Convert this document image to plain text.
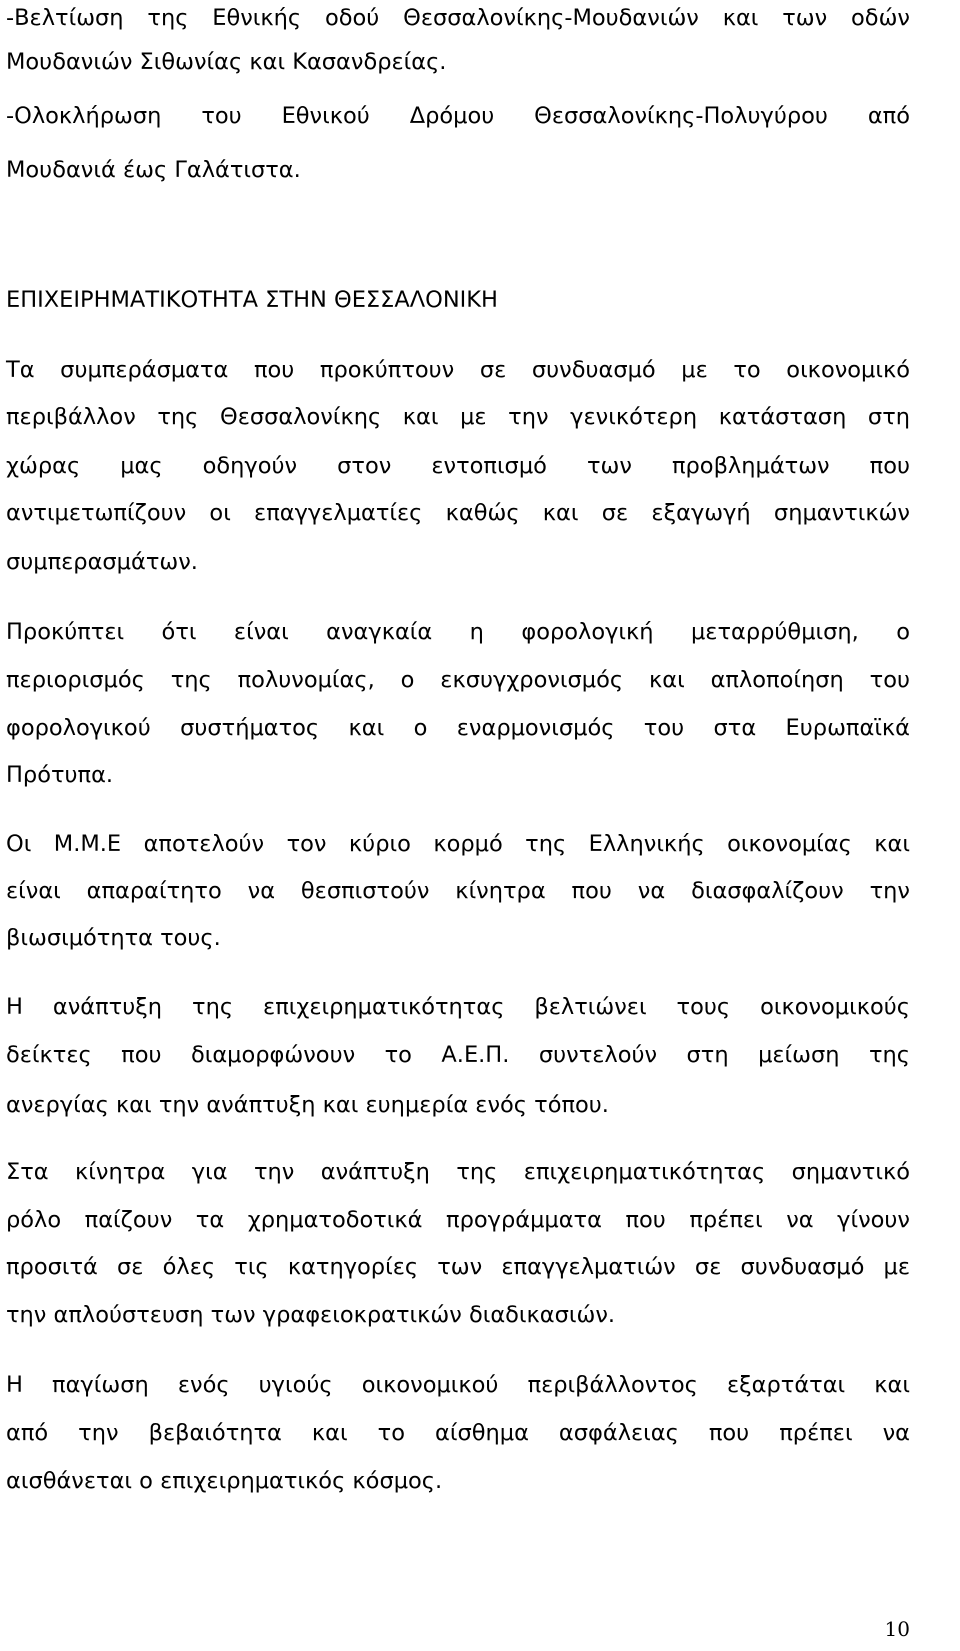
-Βελτίωση της Εθνικής οδού Θεσσαλονίκης-Μουδανιών και των οδών
Μουδανιών Σιθωνίας και Κασανδρείας.
-Ολοκλήρωση του Εθνικού Δρόμου Θεσσαλονίκης-Πολυγύρου από
Μουδανιά έως Γαλάτιστα.
ΕΠΙΧΕΙΡΗΜΑΤΙΚΟΤΗΤΑ ΣΤΗΝ ΘΕΣΣΑΛΟΝΙΚΗ
Τα συμπεράσματα που προκύπτουν σε συνδυασμό με το οικονομικό
περιβάλλον της Θεσσαλονίκης και με την γενικότερη κατάσταση στη
χώρας μας οδηγούν στον εντοπισμό των προβλημάτων που
αντιμετωπίζουν οι επαγγελματίες καθώς και σε εξαγωγή σημαντικών
συμπερασμάτων.
Προκύπτει ότι είναι αναγκαία η φορολογική μεταρρύθμιση, ο
περιορισμός της πολυνομίας, ο εκσυγχρονισμός και απλοποίηση του
φορολογικού συστήματος και ο εναρμονισμός του στα Ευρωπαϊκά
Πρότυπα.
Οι Μ.Μ.Ε αποτελούν τον κύριο κορμό της Ελληνικής οικονομίας και
είναι απαραίτητο να θεσπιστούν κίνητρα που να διασφαλίζουν την
βιωσιμότητα τους.
Η ανάπτυξη της επιχειρηματικότητας βελτιώνει τους οικονομικούς
δείκτες που διαμορφώνουν το Α.Ε.Π. συντελούν στη μείωση της
ανεργίας και την ανάπτυξη και ευημερία ενός τόπου.
Στα κίνητρα για την ανάπτυξη της επιχειρηματικότητας σημαντικό
ρόλο παίζουν τα χρηματοδοτικά προγράμματα που πρέπει να γίνουν
προσιτά σε όλες τις κατηγορίες των επαγγελματιών σε συνδυασμό με
την απλούστευση των γραφειοκρατικών διαδικασιών.
Η παγίωση ενός υγιούς οικονομικού περιβάλλοντος εξαρτάται και
από την βεβαιότητα και το αίσθημα ασφάλειας που πρέπει να
αισθάνεται ο επιχειρηματικός κόσμος.
10
